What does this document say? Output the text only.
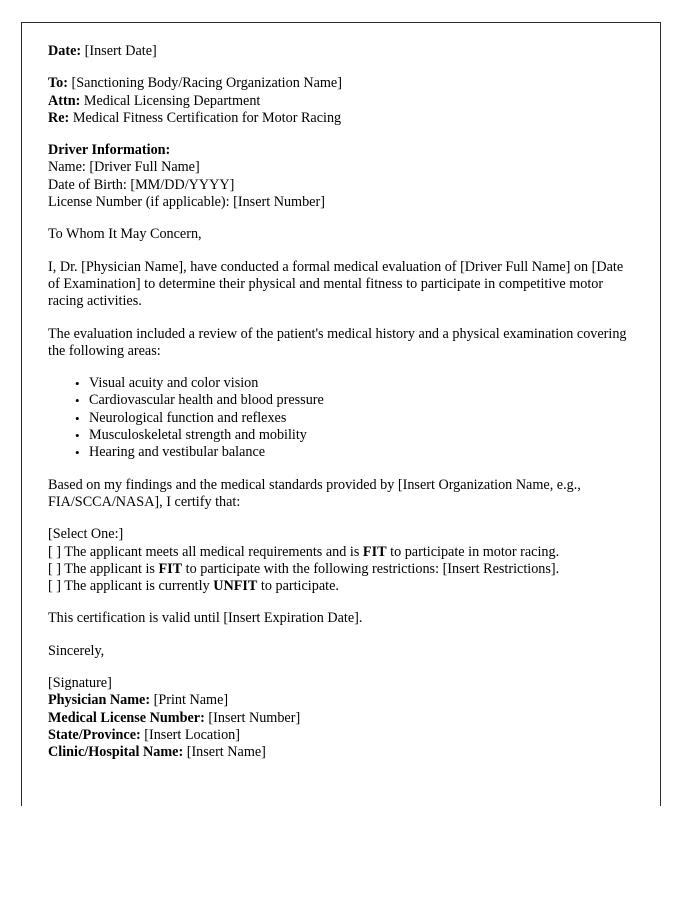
Date: [Insert Date]
To: [Sanctioning Body/Racing Organization Name]
Attn: Medical Licensing Department
Re: Medical Fitness Certification for Motor Racing
Driver Information:
Name: [Driver Full Name]
Date of Birth: [MM/DD/YYYY]
License Number (if applicable): [Insert Number]
To Whom It May Concern,
I, Dr. [Physician Name], have conducted a formal medical evaluation of [Driver Full Name] on [Date of Examination] to determine their physical and mental fitness to participate in competitive motor racing activities.
The evaluation included a review of the patient's medical history and a physical examination covering the following areas:
• Visual acuity and color vision
• Cardiovascular health and blood pressure
• Neurological function and reflexes
• Musculoskeletal strength and mobility
• Hearing and vestibular balance
Based on my findings and the medical standards provided by [Insert Organization Name, e.g., FIA/SCCA/NASA], I certify that:
[Select One:]
[ ] The applicant meets all medical requirements and is FIT to participate in motor racing.
[ ] The applicant is FIT to participate with the following restrictions: [Insert Restrictions].
[ ] The applicant is currently UNFIT to participate.
This certification is valid until [Insert Expiration Date].
Sincerely,
[Signature]
Physician Name: [Print Name]
Medical License Number: [Insert Number]
State/Province: [Insert Location]
Clinic/Hospital Name: [Insert Name]
